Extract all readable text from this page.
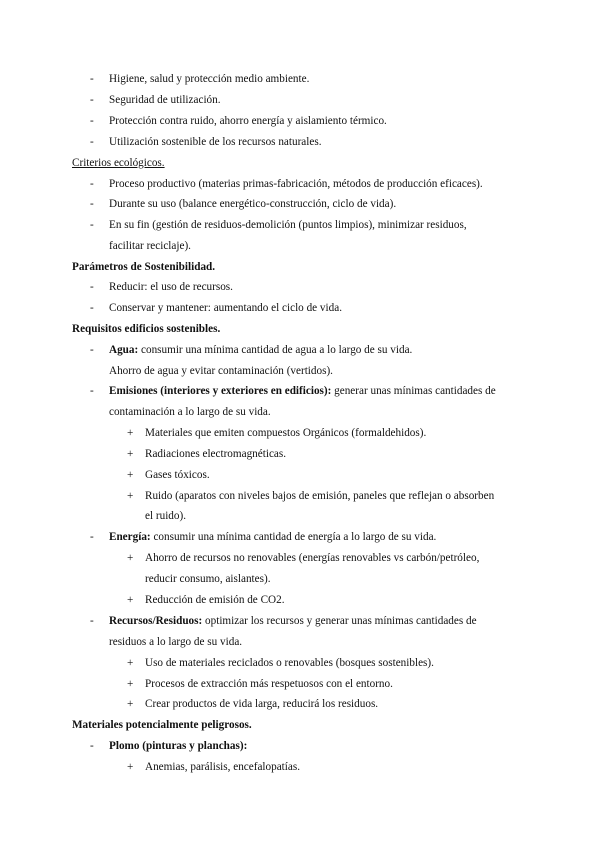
- Higiene, salud y protección medio ambiente.
- Seguridad de utilización.
- Protección contra ruido, ahorro energía y aislamiento térmico.
- Utilización sostenible de los recursos naturales.
Criterios ecológicos.
- Proceso productivo (materias primas-fabricación, métodos de producción eficaces).
- Durante su uso (balance energético-construcción, ciclo de vida).
- En su fin (gestión de residuos-demolición (puntos limpios), minimizar residuos,
facilitar reciclaje).
Parámetros de Sostenibilidad.
- Reducir: el uso de recursos.
- Conservar y mantener: aumentando el ciclo de vida.
Requisitos edificios sostenibles.
- Agua: consumir una mínima cantidad de agua a lo largo de su vida.
Ahorro de agua y evitar contaminación (vertidos).
- Emisiones (interiores y exteriores en edificios): generar unas mínimas cantidades de
contaminación a lo largo de su vida.
+ Materiales que emiten compuestos Orgánicos (formaldehidos).
+ Radiaciones electromagnéticas.
+ Gases tóxicos.
+ Ruido (aparatos con niveles bajos de emisión, paneles que reflejan o absorben
el ruido).
- Energía: consumir una mínima cantidad de energía a lo largo de su vida.
+ Ahorro de recursos no renovables (energías renovables vs carbón/petróleo,
reducir consumo, aislantes).
+ Reducción de emisión de CO2.
- Recursos/Residuos: optimizar los recursos y generar unas mínimas cantidades de
residuos a lo largo de su vida.
+ Uso de materiales reciclados o renovables (bosques sostenibles).
+ Procesos de extracción más respetuosos con el entorno.
+ Crear productos de vida larga, reducirá los residuos.
Materiales potencialmente peligrosos.
- Plomo (pinturas y planchas):
+ Anemias, parálisis, encefalopatías.
